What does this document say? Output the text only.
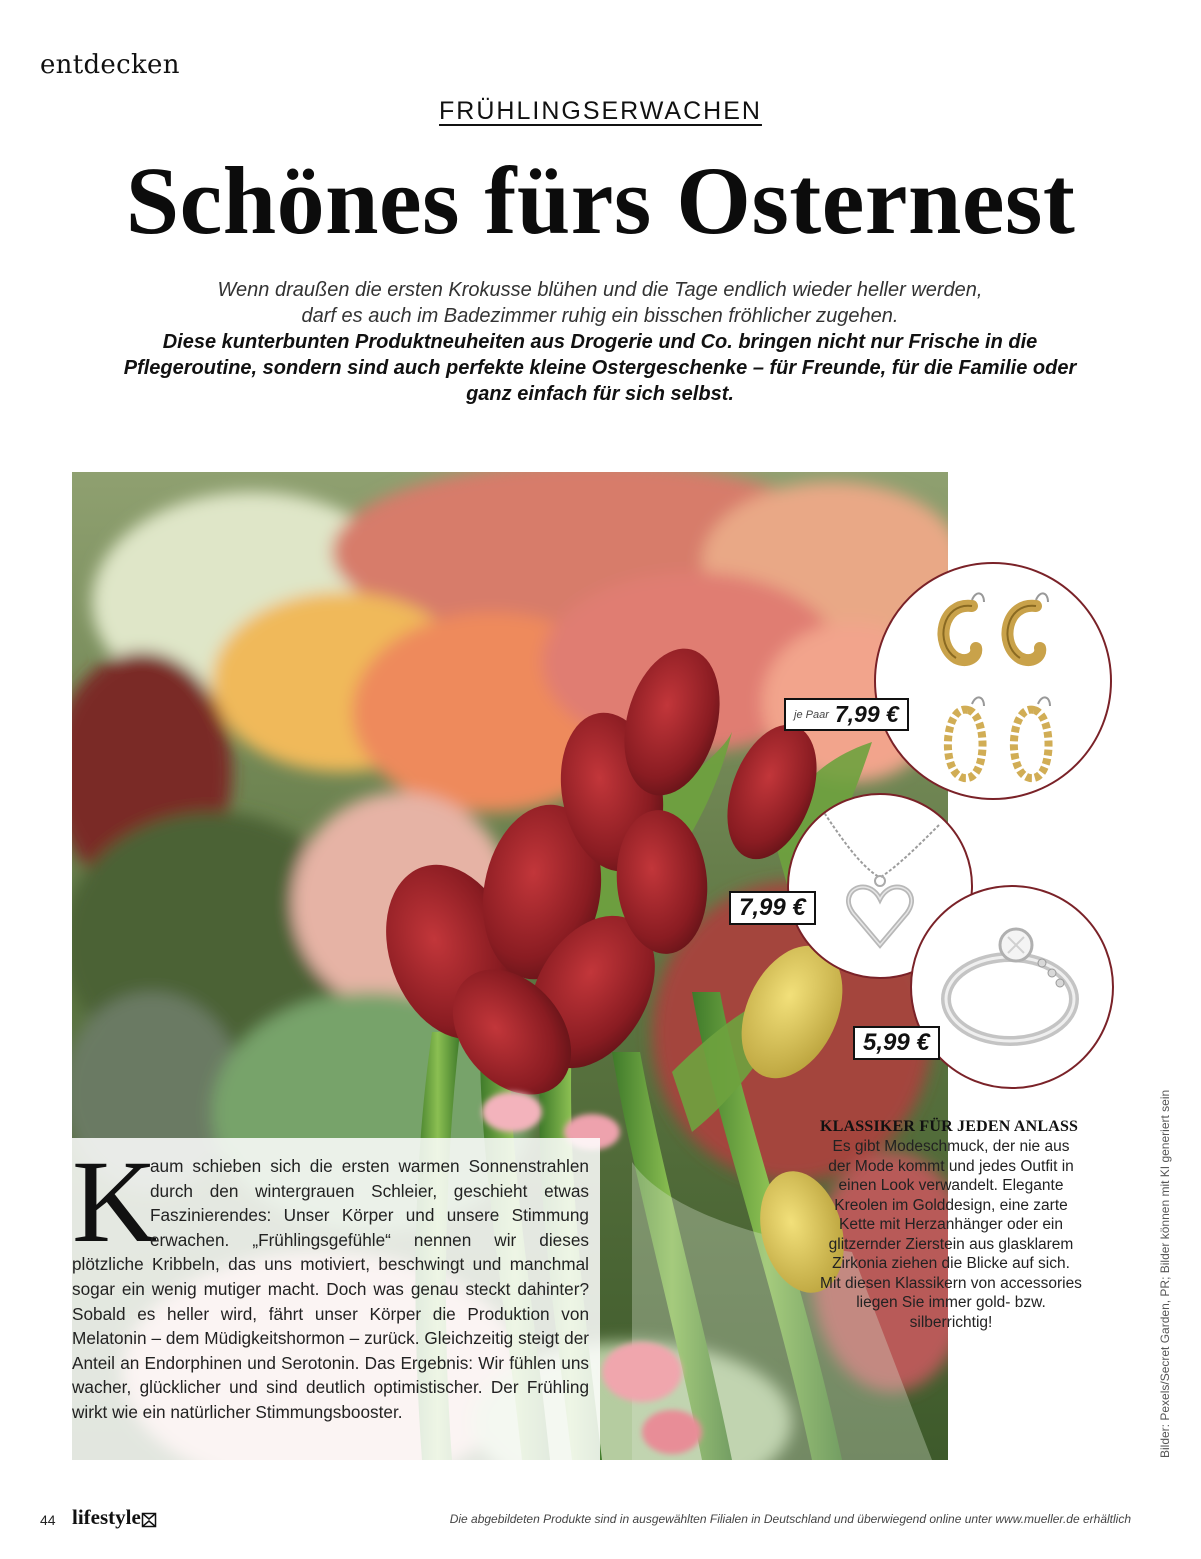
entdecken
FRÜHLINGSERWACHEN
Schönes fürs Osternest
Wenn draußen die ersten Krokusse blühen und die Tage endlich wieder heller werden,
darf es auch im Badezimmer ruhig ein bisschen fröhlicher zugehen.
Diese kunterbunten Produktneuheiten aus Drogerie und Co. bringen nicht nur Frische in die Pflegeroutine, sondern sind auch perfekte kleine Ostergeschenke – für Freunde, für die Familie oder ganz einfach für sich selbst.
je Paar 7,99 €
7,99 €
5,99 €
KLASSIKER FÜR JEDEN ANLASS
Es gibt Modeschmuck, der nie aus der Mode kommt und jedes Outfit in einen Look verwandelt. Elegante Kreolen im Golddesign, eine zarte Kette mit Herzanhänger oder ein glitzernder Zierstein aus glasklarem Zirkonia ziehen die Blicke auf sich. Mit diesen Klassikern von accessories liegen Sie immer gold- bzw. silberrichtig!
K
aum schieben sich die ersten warmen Sonnenstrahlen durch den wintergrauen Schleier, geschieht etwas Faszinierendes: Unser Körper und unsere Stimmung erwachen. „Frühlingsgefühle“ nennen wir dieses plötzliche Kribbeln, das uns motiviert, beschwingt und manchmal sogar ein wenig mutiger macht. Doch was genau steckt dahinter? Sobald es heller wird, fährt unser Körper die Produktion von Melatonin – dem Müdigkeitshormon – zurück. Gleichzeitig steigt der Anteil an Endorphinen und Serotonin. Das Ergebnis: Wir fühlen uns wacher, glücklicher und sind deutlich optimistischer. Der Frühling wirkt wie ein natürlicher Stimmungsbooster.	Bilder: Pexels/Secret Garden, PR; Bilder können mit KI generiert sein
44 lifestyle	Die abgebildeten Produkte sind in ausgewählten Filialen in Deutschland und überwiegend online unter www.mueller.de erhältlich
